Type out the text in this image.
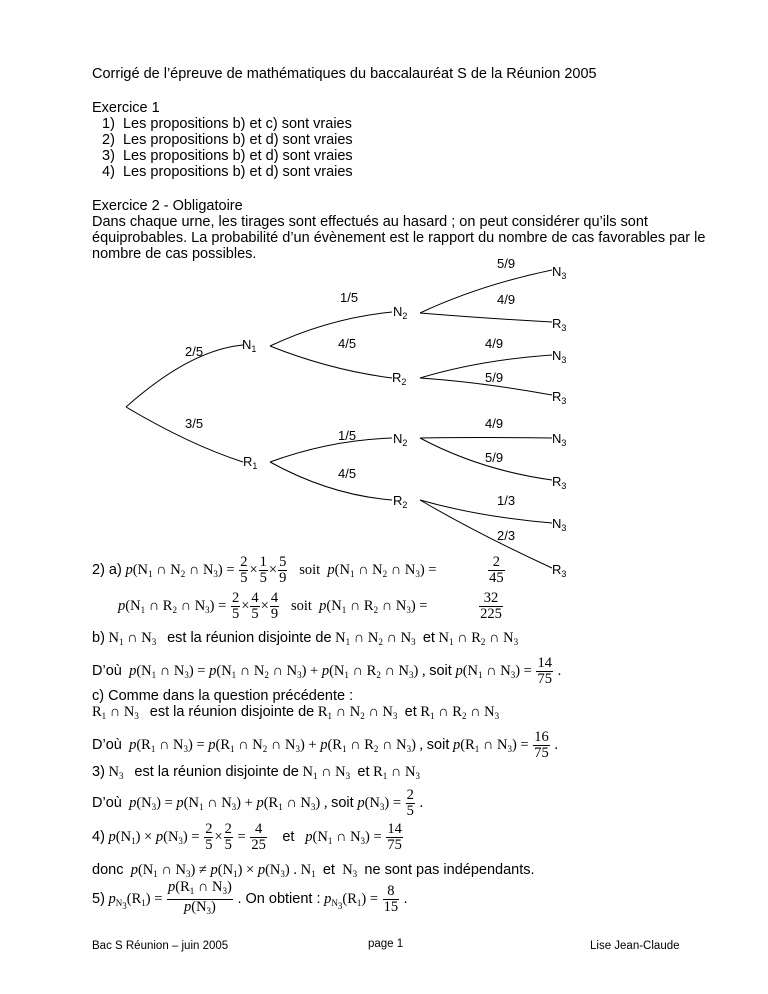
Corrigé de l’épreuve de mathématiques du baccalauréat S de la Réunion 2005
Exercice 1
1) Les propositions b) et c) sont vraies
2) Les propositions b) et d) sont vraies
3) Les propositions b) et d) sont vraies
4) Les propositions b) et d) sont vraies
Exercice 2 - Obligatoire
Dans chaque urne, les tirages sont effectués au hasard ; on peut considérer qu’ils sont
équiprobables. La probabilité d’un évènement est le rapport du nombre de cas favorables par le
nombre de cas possibles.
5/9
$N_3$
1/5	4/9
$N_2$	$R_3$
2/5	$N_1$	4/5	4/9
$N_3$
$R_2$	5/9
$R_3$
3/5	4/9
1/5	$N_2$	$N_3$
5/9
$R_1$	4/5
$R_3$
$R_2$	1/3
$N_3$
2/3
$R_3$
2) a) $p(N_1$ ∩ $N_2$ ∩ $N_3) = \frac{2}{5} \times \frac{1}{5} \times \frac{5}{9}$ soit $p(N_1$ ∩ $N_2$ ∩ $N_3$) =	$\frac{2}{45}$
$p(N_1$ ∩ $R_2$ ∩ $N_3) = \frac{2}{5} \times \frac{4}{5} \times \frac{4}{9}$ soit $p(N_1$ ∩ $R_2$ ∩ $N_3$) =	$\frac{32}{225}$
b) $N_1$ ∩ $N_3$ est la réunion disjointe de $N_1$ ∩ $N_2$ ∩ $N_3$ et $N_1$ ∩ $R_2$ ∩ $N_3$
D’où $p(N_1$ ∩ $N_3) = p(N_1$ ∩ $N_2$ ∩ $N_3) + p(N_1$ ∩ $R_2$ ∩ $N_3$) , soit $p(N_1$ ∩ $N_3) = \frac{14}{75}$ .
c) Comme dans la question précédente :
$R_1$ ∩ $N_3$ est la réunion disjointe de $R_1$ ∩ $N_2$ ∩ $N_3$ et $R_1$ ∩ $R_2$ ∩ $N_3$
D’où $p(R_1$ ∩ $N_3) = p(R_1$ ∩ $N_2$ ∩ $N_3) + p(R_1$ ∩ $R_2$ ∩ $N_3$) , soit $p(R_1$ ∩ $N_3) = \frac{16}{75}$ .
3) $N_3$ est la réunion disjointe de $N_1$ ∩ $N_3$ et $R_1$ ∩ $N_3$
D’où $p(N_3) = p(N_1$ ∩ $N_3) + p(R_1$ ∩ $N_3$) , soit $p(N_3) = \frac{2}{5}$ .
4) $p(N_1) \times p(N_3) = \frac{2}{5} \times \frac{2}{5} = \frac{4}{25}$ et $p(N_1$ ∩ $N_3) = \frac{14}{75}$
donc $p(N_1$ ∩ $N_3) \ne p(N_1) \times p(N_3)$ . $N_1$ et  $N_3$ ne sont pas indépendants.
5) $p_{N_3}(R_1) = \frac{p(R_1 \cap N_3)}{p(N_3)}$ . On obtient : $p_{N_3}(R_1) = \frac{8}{15}$ .
Bac S Réunion – juin 2005	page 1	Lise Jean-Claude
